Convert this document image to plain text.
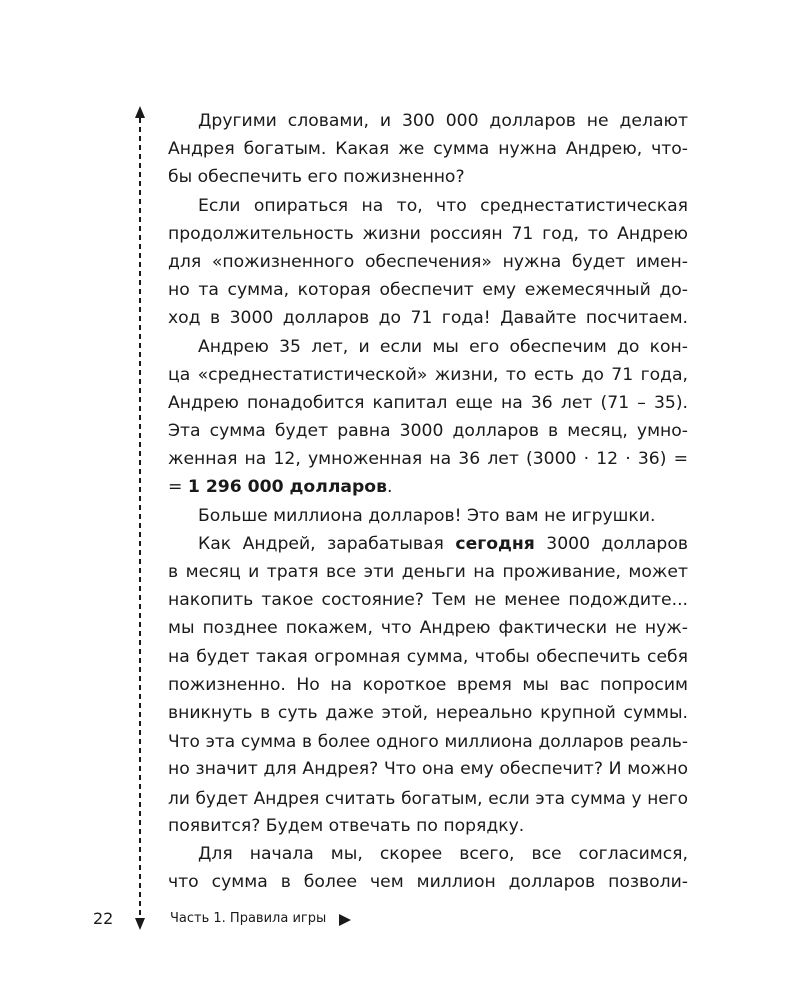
Другими словами, и 300 000 долларов не делают
Андрея богатым. Какая же сумма нужна Андрею, что-
бы обеспечить его пожизненно?
Если опираться на то, что среднестатистическая
продолжительность жизни россиян 71 год, то Андрею
для «пожизненного обеспечения» нужна будет имен-
но та сумма, которая обеспечит ему ежемесячный до-
ход в 3000 долларов до 71 года! Давайте посчитаем.
Андрею 35 лет, и если мы его обеспечим до кон-
ца «среднестатистической» жизни, то есть до 71 года,
Андрею понадобится капитал еще на 36 лет (71 – 35).
Эта сумма будет равна 3000 долларов в месяц, умно-
женная на 12, умноженная на 36 лет (3000 · 12 · 36) =
= 1 296 000 долларов.
Больше миллиона долларов! Это вам не игрушки.
Как Андрей, зарабатывая сегодня 3000 долларов
в месяц и тратя все эти деньги на проживание, может
накопить такое состояние? Тем не менее подождите...
мы позднее покажем, что Андрею фактически не нуж-
на будет такая огромная сумма, чтобы обеспечить себя
пожизненно. Но на короткое время мы вас попросим
вникнуть в суть даже этой, нереально крупной суммы.
Что эта сумма в более одного миллиона долларов реаль-
но значит для Андрея? Что она ему обеспечит? И можно
ли будет Андрея считать богатым, если эта сумма у него
появится? Будем отвечать по порядку.
Для начала мы, скорее всего, все согласимся,
что сумма в более чем миллион долларов позволи-
22	Часть 1. Правила игры
